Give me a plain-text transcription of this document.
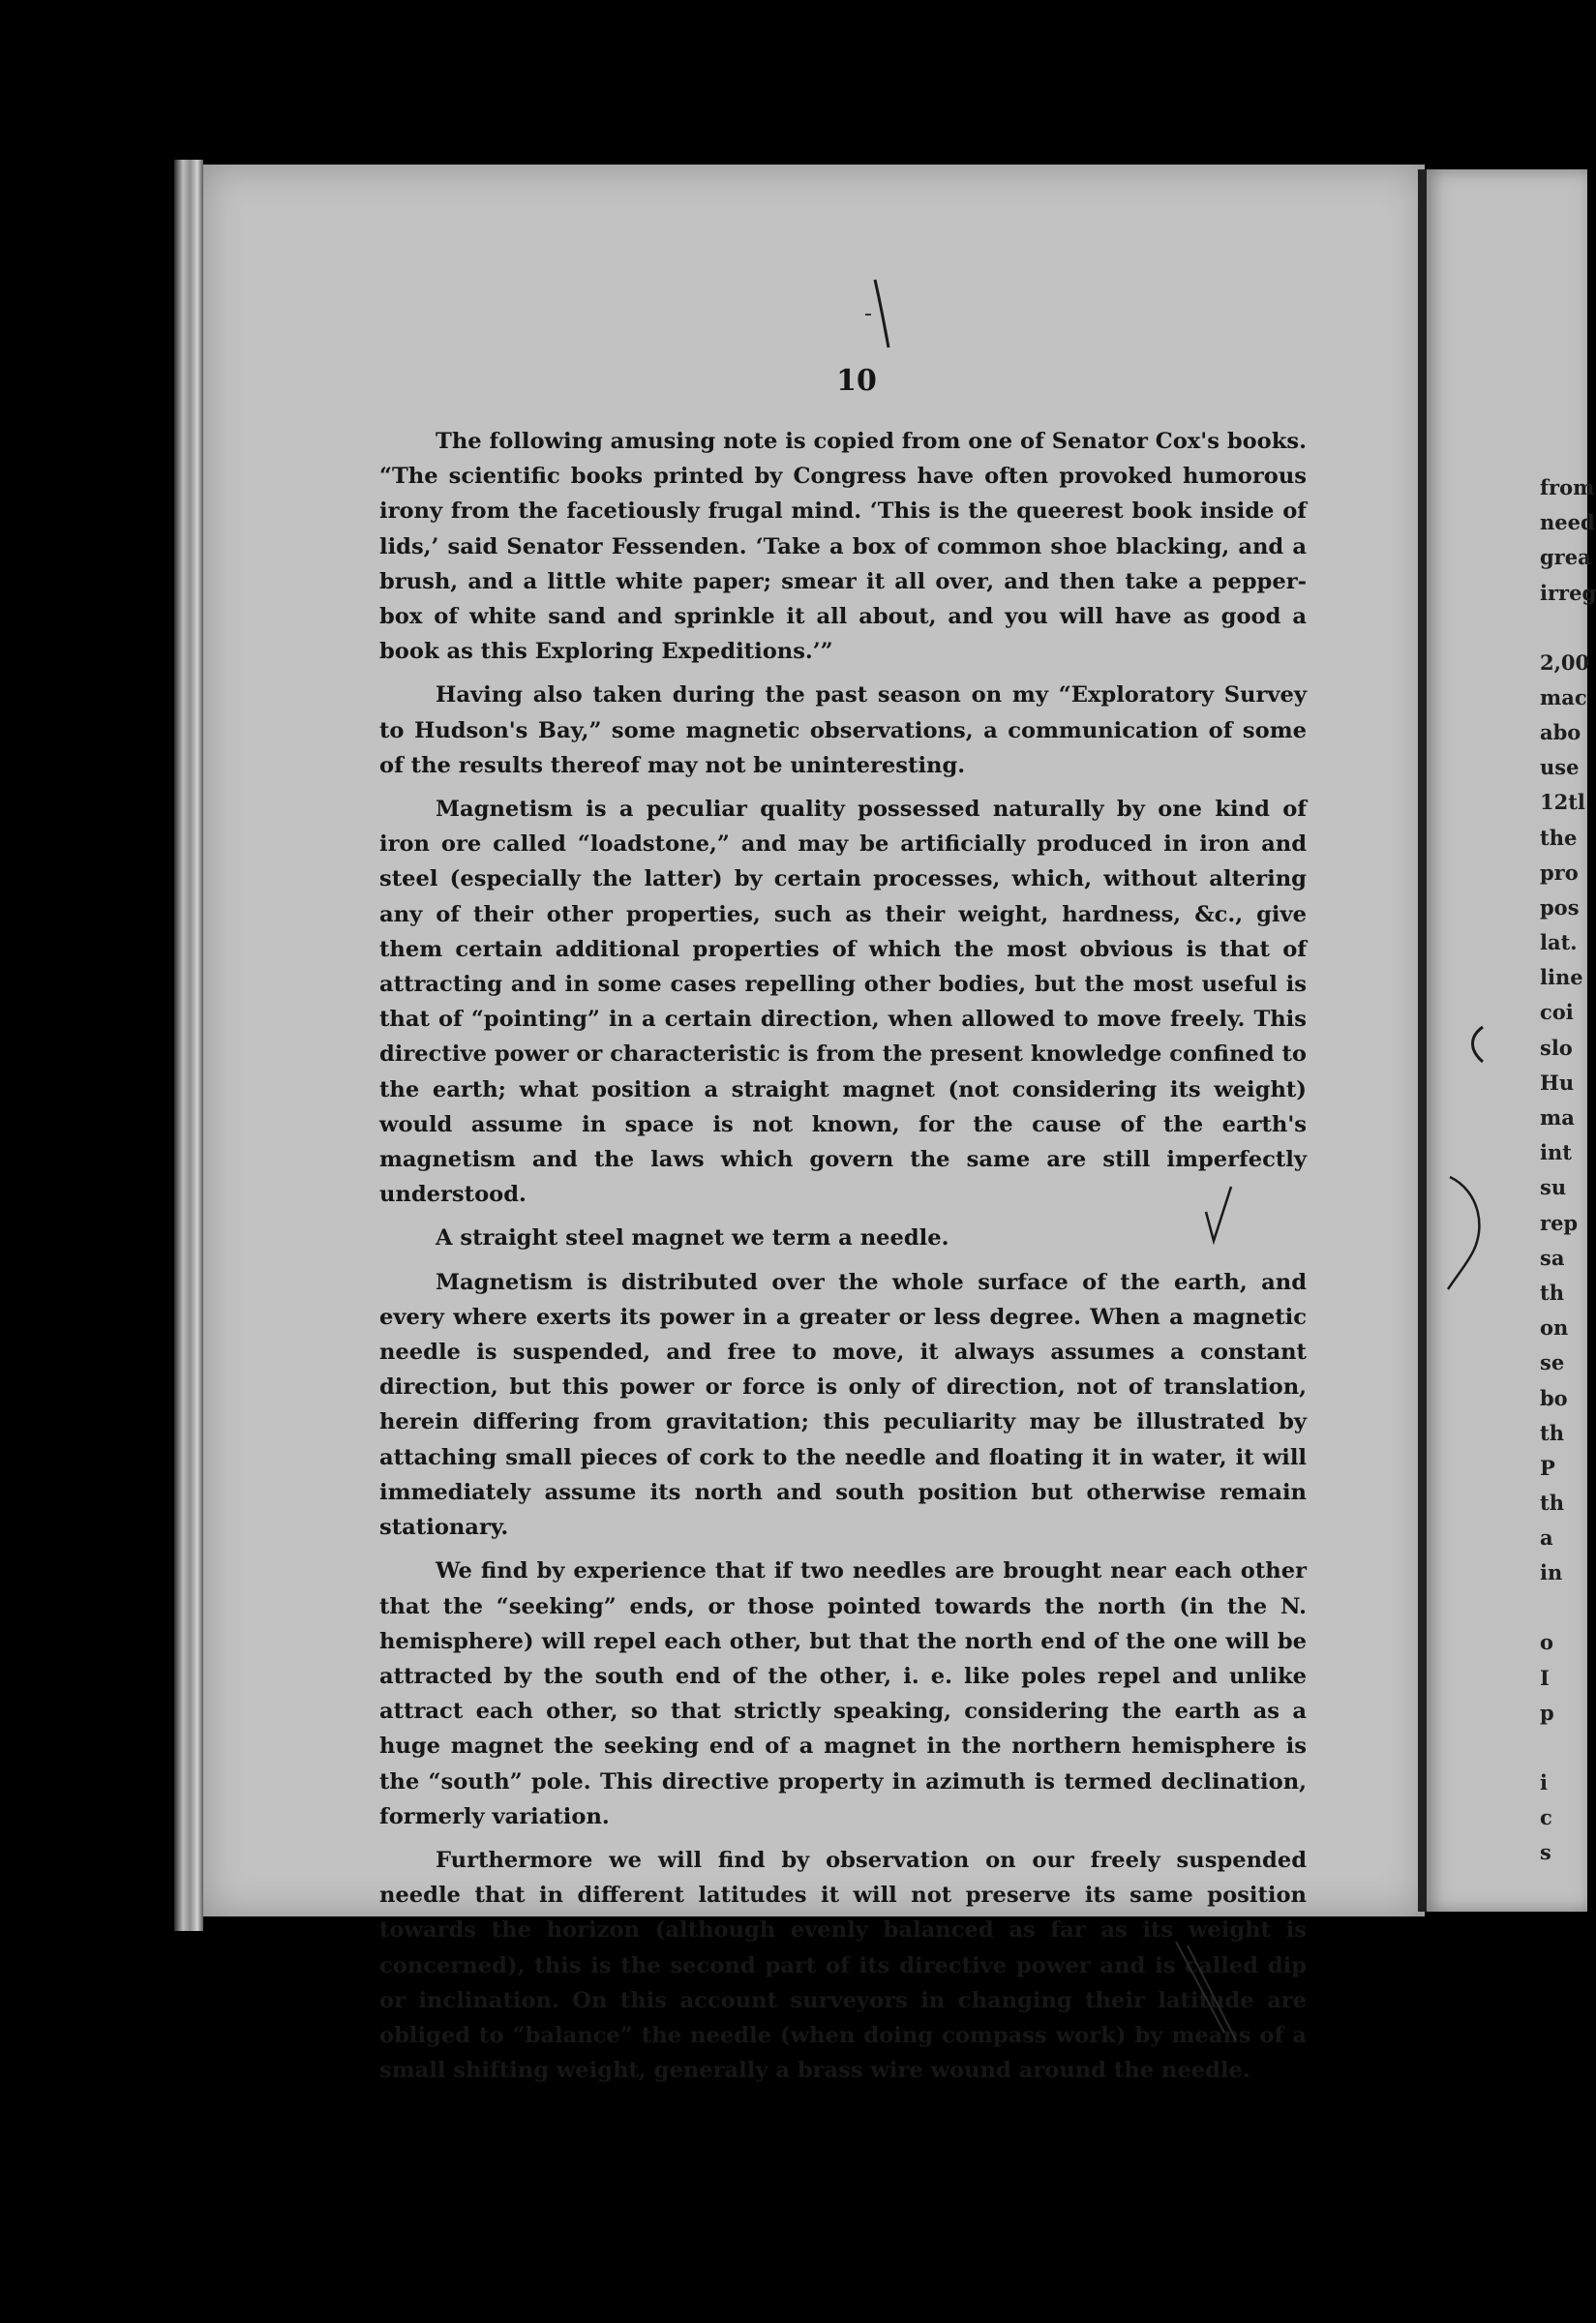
10

The following amusing note is copied from one of Senator Cox's books. “The scientific books printed by Congress have often provoked humorous irony from the facetiously frugal mind. ‘This is the queerest book inside of lids,’ said Senator Fessenden. ‘Take a box of common shoe blacking, and a brush, and a little white paper; smear it all over, and then take a pepper-box of white sand and sprinkle it all about, and you will have as good a book as this Exploring Expeditions.’”

Having also taken during the past season on my “Exploratory Survey to Hudson's Bay,” some magnetic observations, a communication of some of the results thereof may not be uninteresting.

Magnetism is a peculiar quality possessed naturally by one kind of iron ore called “loadstone,” and may be artificially produced in iron and steel (especially the latter) by certain processes, which, without altering any of their other properties, such as their weight, hardness, &c., give them certain additional properties of which the most obvious is that of attracting and in some cases repelling other bodies, but the most useful is that of “pointing” in a certain direction, when allowed to move freely. This directive power or characteristic is from the present knowledge confined to the earth; what position a straight magnet (not considering its weight) would assume in space is not known, for the cause of the earth's magnetism and the laws which govern the same are still imperfectly understood.

A straight steel magnet we term a needle.

Magnetism is distributed over the whole surface of the earth, and every where exerts its power in a greater or less degree. When a magnetic needle is suspended, and free to move, it always assumes a constant direction, but this power or force is only of direction, not of translation, herein differing from gravitation; this peculiarity may be illustrated by attaching small pieces of cork to the needle and floating it in water, it will immediately assume its north and south position but otherwise remain stationary.

We find by experience that if two needles are brought near each other that the “seeking” ends, or those pointed towards the north (in the N. hemisphere) will repel each other, but that the north end of the one will be attracted by the south end of the other, i. e. like poles repel and unlike attract each other, so that strictly speaking, considering the earth as a huge magnet the seeking end of a magnet in the northern hemisphere is the “south” pole. This directive property in azimuth is termed declination, formerly variation.

Furthermore we will find by observation on our freely suspended needle that in different latitudes it will not preserve its same position towards the horizon (although evenly balanced as far as its weight is concerned), this is the second part of its directive power and is called dip or inclination. On this account surveyors in changing their latitude are obliged to “balance” the needle (when doing compass work) by means of a small shifting weight, generally a brass wire wound around the needle.

from
need
grea
irreg
2,00
mac
abo
use
12tl
the
pro
pos
lat.
line
coi
slo
Hu
ma
int
su
rep
sa
th
on
se
bo
th
P
th
a
in
o
I
p
i
c
s
